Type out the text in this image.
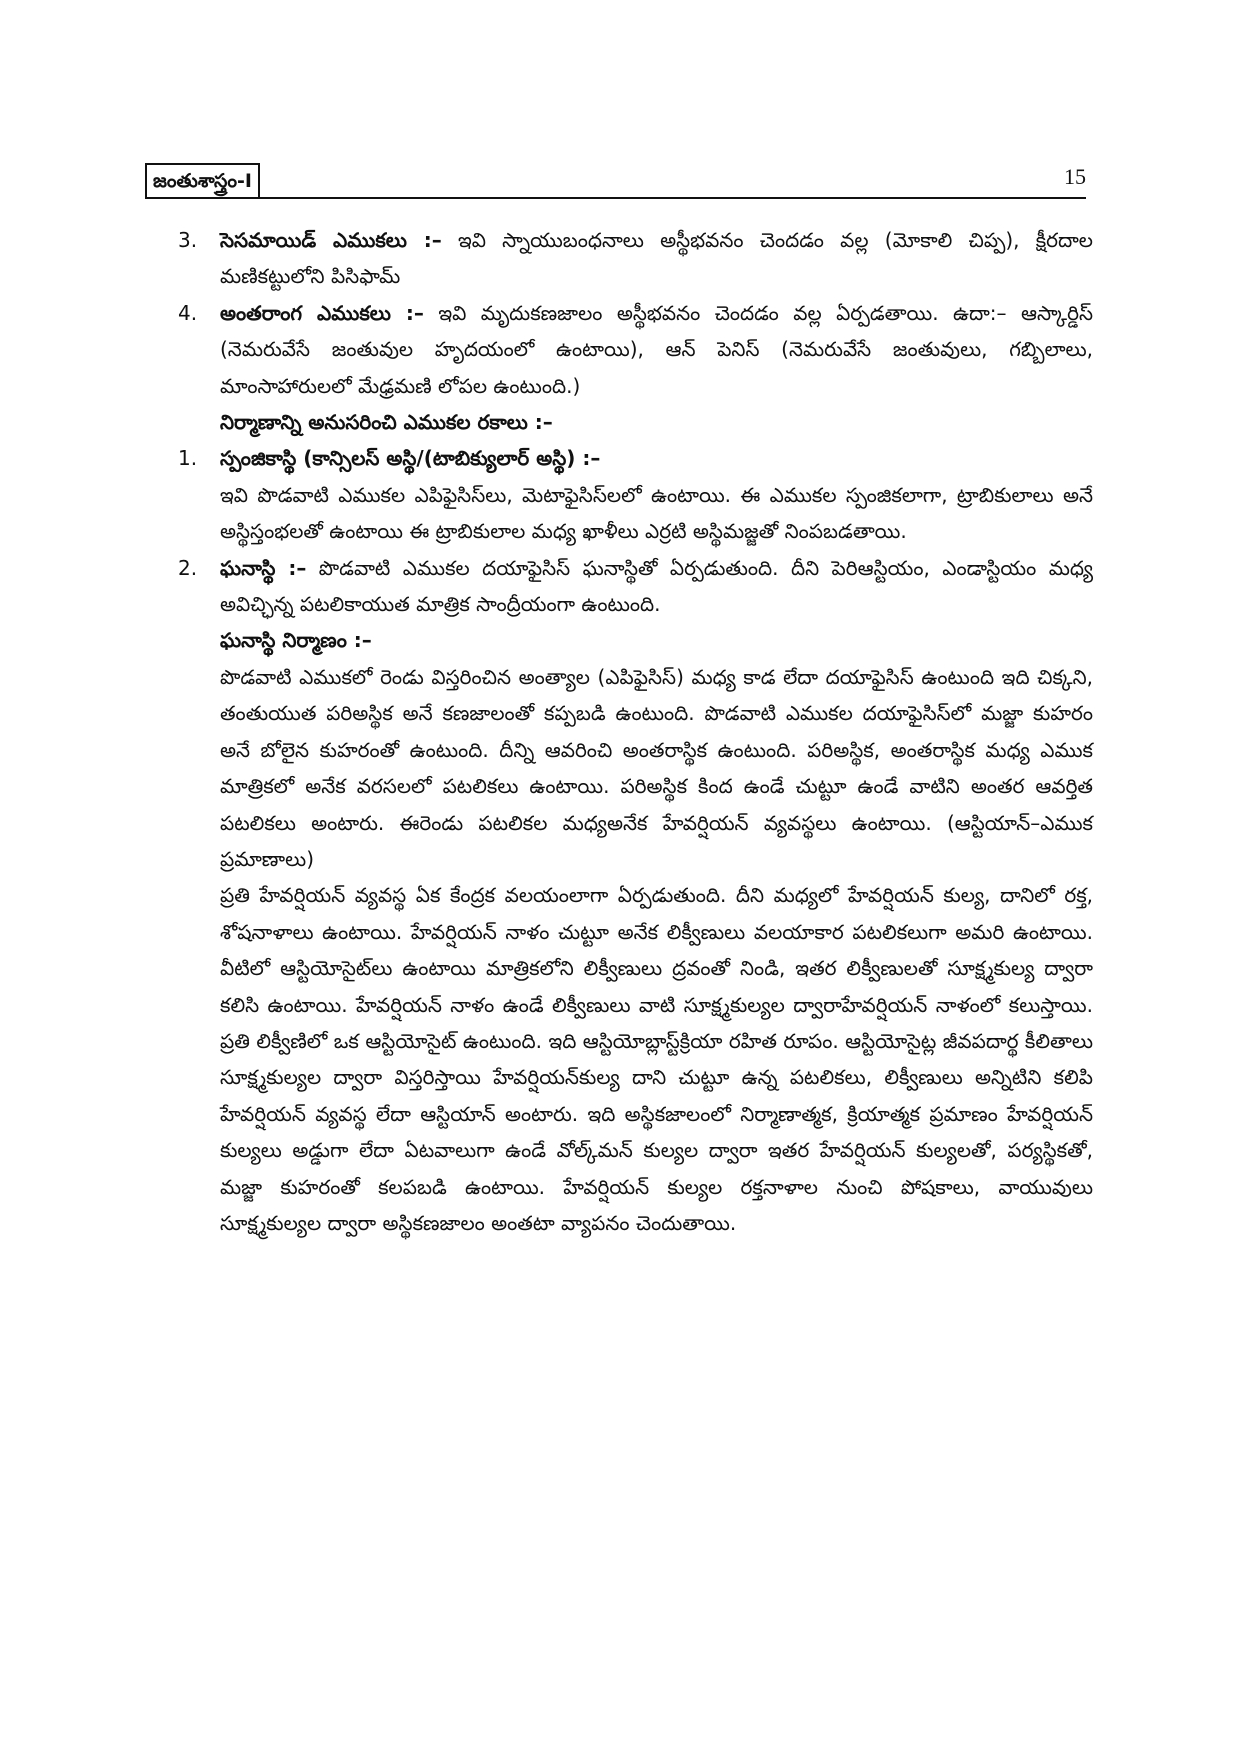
జంతుశాస్త్రం-I	15
3.	సెసమాయిడ్ ఎముకలు :– ఇవి స్నాయుబంధనాలు అస్థీభవనం చెందడం వల్ల (మోకాలి చిప్ప), క్షీరదాల మణికట్టులోని పిసిఫామ్
4.	అంతరాంగ ఎముకలు :– ఇవి మృదుకణజాలం అస్థీభవనం చెందడం వల్ల ఏర్పడతాయి. ఉదా:– ఆస్కార్డిస్ (నెమరువేసే జంతువుల హృదయంలో ఉంటాయి), ఆన్ పెనిస్ (నెమరువేసే జంతువులు, గబ్బిలాలు, మాంసాహారులలో మేఢ్రమణి లోపల ఉంటుంది.)

నిర్మాణాన్ని అనుసరించి ఎముకల రకాలు :–

1.	స్పంజికాస్థి (కాన్సిలస్ అస్థి/(టాబిక్యులార్ అస్థి) :–

ఇవి పొడవాటి ఎముకల ఎపిఫైసిస్‌లు, మెటాఫైసిస్‌లలో ఉంటాయి. ఈ ఎముకల స్పంజికలాగా, ట్రాబికులాలు అనే అస్థిస్తంభలతో ఉంటాయి ఈ ట్రాబికులాల మధ్య ఖాళీలు ఎర్రటి అస్థిమజ్జతో నింపబడతాయి.

2.	ఘనాస్థి :– పొడవాటి ఎముకల దయాఫైసిస్ ఘనాస్థితో ఏర్పడుతుంది. దీని పెరిఆస్టియం, ఎండాస్టియం మధ్య అవిచ్ఛిన్న పటలికాయుత మాత్రిక సాంద్రీయంగా ఉంటుంది.

ఘనాస్థి నిర్మాణం :–

పొడవాటి ఎముకలో రెండు విస్తరించిన అంత్యాల (ఎపిఫైసిస్) మధ్య కాడ లేదా దయాఫైసిస్ ఉంటుంది ఇది చిక్కని, తంతుయుత పరిఅస్థిక అనే కణజాలంతో కప్పబడి ఉంటుంది. పొడవాటి ఎముకల దయాఫైసిస్‌లో మజ్జా కుహరం అనే బోలైన కుహరంతో ఉంటుంది. దీన్ని ఆవరించి అంతరాస్థిక ఉంటుంది. పరిఅస్థిక, అంతరాస్థిక మధ్య ఎముక మాత్రికలో అనేక వరసలలో పటలికలు ఉంటాయి. పరిఅస్థిక కింద ఉండే చుట్టూ ఉండే వాటిని అంతర ఆవర్తిత పటలికలు అంటారు. ఈరెండు పటలికల మధ్యఅనేక హేవర్షియన్ వ్యవస్థలు ఉంటాయి. (ఆస్టియాన్–ఎముక ప్రమాణాలు)

ప్రతి హేవర్షియన్ వ్యవస్థ ఏక కేంద్రక వలయంలాగా ఏర్పడుతుంది. దీని మధ్యలో హేవర్షియన్ కుల్య, దానిలో రక్త, శోషనాళాలు ఉంటాయి. హేవర్షియన్ నాళం చుట్టూ అనేక లిక్వీణులు వలయాకార పటలికలుగా అమరి ఉంటాయి. వీటిలో ఆస్టియోసైట్‌లు ఉంటాయి మాత్రికలోని లిక్వీణులు ద్రవంతో నిండి, ఇతర లిక్వీణులతో సూక్ష్మకుల్య ద్వారా కలిసి ఉంటాయి. హేవర్షియన్ నాళం ఉండే లిక్వీణులు వాటి సూక్ష్మకుల్యల ద్వారాహేవర్షియన్ నాళంలో కలుస్తాయి. ప్రతి లిక్వీణిలో ఒక ఆస్టియోసైట్ ఉంటుంది. ఇది ఆస్టియోబ్లాస్ట్‌క్రియా రహిత రూపం. ఆస్టియోసైట్ల జీవపదార్థ కీలితాలు సూక్ష్మకుల్యల ద్వారా విస్తరిస్తాయి హేవర్షియన్‌కుల్య దాని చుట్టూ ఉన్న పటలికలు, లిక్వీణులు అన్నిటిని కలిపి హేవర్షియన్ వ్యవస్థ లేదా ఆస్టియాన్ అంటారు. ఇది అస్థికజాలంలో నిర్మాణాత్మక, క్రియాత్మక ప్రమాణం హేవర్షియన్ కుల్యలు అడ్డుగా లేదా ఏటవాలుగా ఉండే వోల్క్‌మన్ కుల్యల ద్వారా ఇతర హేవర్షియన్ కుల్యలతో, పర్యస్థికతో, మజ్జా కుహరంతో కలపబడి ఉంటాయి. హేవర్షియన్ కుల్యల రక్తనాళాల నుంచి పోషకాలు, వాయువులు సూక్ష్మకుల్యల ద్వారా అస్థికణజాలం అంతటా వ్యాపనం చెందుతాయి.
